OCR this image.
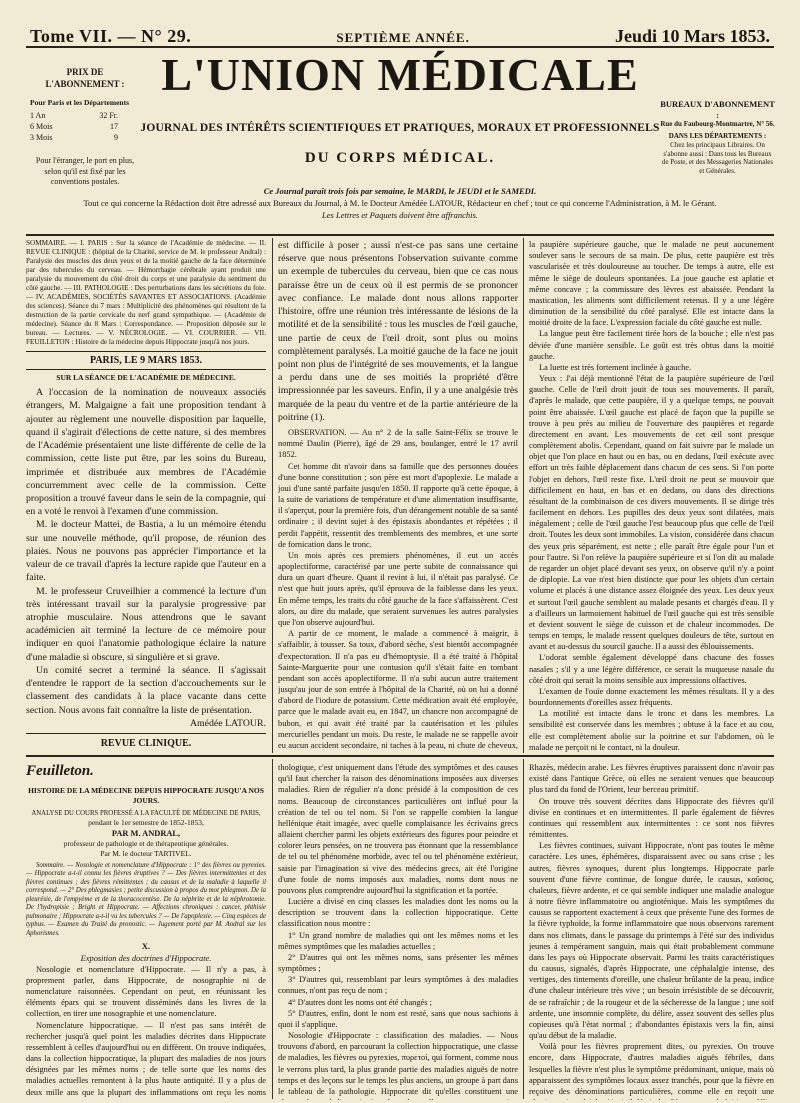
Tome VII. — N° 29.	SEPTIÈME ANNÉE.	Jeudi 10 Mars 1853.
PRIX DE L'ABONNEMENT :
Pour Paris et les Départements
1 An	32 Fr.
6 Mois	17
3 Mois	9
Pour l'étranger, le port en plus, selon qu'il est fixé par les conventions postales.
L'UNION MÉDICALE
JOURNAL DES INTÉRÊTS SCIENTIFIQUES ET PRATIQUES, MORAUX ET PROFESSIONNELS
DU CORPS MÉDICAL.
BUREAUX D'ABONNEMENT :
Rue du Faubourg-Montmartre, N° 56.
DANS LES DÉPARTEMENTS :
Chez les principaux Libraires. On s'abonne aussi : Dans tous les Bureaux de Poste, et des Messageries Nationales et Générales.
Ce Journal paraît trois fois par semaine, le MARDI, le JEUDI et le SAMEDI.
Tout ce qui concerne la Rédaction doit être adressé aux Bureaux du Journal, à M. le Docteur Amédée LATOUR, Rédacteur en chef ; tout ce qui concerne l'Administration, à M. le Gérant.
Les Lettres et Paquets doivent être affranchis.

SOMMAIRE. — I. PARIS : Sur la séance de l'Académie de médecine. — II. REVUE CLINIQUE : (hôpital de la Charité, service de M. le professeur Andral) : Paralysie des muscles des deux yeux et de la moitié gauche de la face déterminée par des tubercules du cerveau. — Hémorrhagie cérébrale ayant produit une paralysie du mouvement du côté droit du corps et une paralysie du sentiment du côté gauche. — III. PATHOLOGIE : Des perturbations dans les sécrétions du foie. — IV. ACADÉMIES, SOCIÉTÉS SAVANTES ET ASSOCIATIONS. (Académie des sciences). Séance du 7 mars : Multiplicité des phénomènes qui résultent de la destruction de la partie cervicale du nerf grand sympathique. — (Académie de médecine). Séance du 8 Mars : Correspondance. — Proposition déposée sur le bureau. — Lectures. — V. NÉCROLOGIE. — VI. COURRIER. — VII. FEUILLETON : Histoire de la médecine depuis Hippocrate jusqu'à nos jours.

PARIS, LE 9 MARS 1853.

SUR LA SÉANCE DE L'ACADÉMIE DE MÉDECINE.

A l'occasion de la nomination de nouveaux associés étrangers, M. Malgaigne a fait une proposition tendant à ajouter au règlement une nouvelle disposition par laquelle, quand il s'agirait d'élections de cette nature, si des membres de l'Académie présentaient une liste différente de celle de la commission, cette liste put être, par les soins du Bureau, imprimée et distribuée aux membres de l'Académie concurremment avec celle de la commission. Cette proposition a trouvé faveur dans le sein de la compagnie, qui en a voté le renvoi à l'examen d'une commission.

M. le docteur Mattei, de Bastia, a lu un mémoire étendu sur une nouvelle méthode, qu'il propose, de réunion des plaies. Nous ne pouvons pas apprécier l'importance et la valeur de ce travail d'après la lecture rapide que l'auteur en a faite.

M. le professeur Cruveilhier a commencé la lecture d'un très intéressant travail sur la paralysie progressive par atrophie musculaire. Nous attendrons que le savant académicien ait terminé la lecture de ce mémoire pour indiquer en quoi l'anatomie pathologique éclaire la nature d'une maladie si obscure, si singulière et si grave.

Un comité secret a terminé la séance. Il s'agissait d'entendre le rapport de la section d'accouchements sur le classement des candidats à la place vacante dans cette section. Nous avons fait connaître la liste de présentation.

Amédée LATOUR.

REVUE CLINIQUE.

est difficile à poser ; aussi n'est-ce pas sans une certaine réserve que nous présentons l'observation suivante comme un exemple de tubercules du cerveau, bien que ce cas nous paraisse être un de ceux où il est permis de se prononcer avec confiance. Le malade dont nous allons rapporter l'histoire, offre une réunion très intéressante de lésions de la motilité et de la sensibilité : tous les muscles de l'œil gauche, une partie de ceux de l'œil droit, sont plus ou moins complètement paralysés. La moitié gauche de la face ne jouit point non plus de l'intégrité de ses mouvements, et la langue a perdu dans une de ses moitiés la propriété d'être impressionnée par les saveurs. Enfin, il y a une analgésie très marquée de la peau du ventre et de la partie antérieure de la poitrine (1).

OBSERVATION. — Au n° 2 de la salle Saint-Félix se trouve le nommé Daulin (Pierre), âgé de 29 ans, boulanger, entré le 17 avril 1852.

Cet homme dit n'avoir dans sa famille que des personnes douées d'une bonne constitution ; son père est mort d'apoplexie. Le malade a joui d'une santé parfaite jusqu'en 1850. Il rapporte qu'à cette époque, à la suite de variations de température et d'une alimentation insuffisante, il s'aperçut, pour la première fois, d'un dérangement notable de sa santé ordinaire ; il devint sujet à des épistaxis abondantes et répétées ; il perdit l'appétit, ressentit des tremblements des membres, et une sorte de fornication dans le tronc.

Un mois après ces premiers phénomènes, il eut un accès apoplectiforme, caractérisé par une perte subite de connaissance qui dura un quart d'heure. Quant il revint à lui, il n'était pas paralysé. Ce n'est que huit jours après, qu'il éprouva de la faiblesse dans les yeux. En même temps, les traits du côté gauche de la face s'affaissèrent. C'est alors, au dire du malade, que seraient survenues les autres paralysies que l'on observe aujourd'hui.

A partir de ce moment, le malade a commencé à maigrir, à s'affaiblir, à tousser. Sa toux, d'abord sèche, s'est bientôt accompagnée d'expectoration. Il n'a pas eu d'hémoptysie. Il a été traité à l'hôpital Sainte-Marguerite pour une contusion qu'il s'était faite en tombant pendant son accès apoplectiforme. Il n'a subi aucun autre traitement jusqu'au jour de son entrée à l'hôpital de la Charité, où on lui a donné d'abord de l'iodure de potassium. Cette médication avait été employée, parce que le malade avait eu, en 1847, un chancre non accompagné de bubon, et qui avait été traité par la cautérisation et les pilules mercurielles pendant un mois. Du reste, le malade ne se rappelle avoir eu aucun accident secondaire, ni taches à la peau, ni chute de cheveux,

la paupière supérieure gauche, que le malade ne peut aucunement soulever sans le secours de sa main. De plus, cette paupière est très vascularisée et très douloureuse au toucher. De temps à autre, elle est même le siège de douleurs spontanées. La joue gauche est aplatie et même concave ; la commissure des lèvres est abaissée. Pendant la mastication, les aliments sont difficilement retenus. Il y a une légère diminution de la sensibilité du côté paralysé. Elle est intacte dans la moitié droite de la face. L'expression faciale du côté gauche est nulle.

La langue peut être facilement tirée hors de la bouche ; elle n'est pas déviée d'une manière sensible. Le goût est très obtus dans la moitié gauche.

La luette est très fortement inclinée à gauche.

Yeux : J'ai déjà mentionné l'état de la paupière supérieure de l'œil gauche. Celle de l'œil droit jouit de tous ses mouvements. Il paraît, d'après le malade, que cette paupière, il y a quelque temps, ne pouvait point être abaissée. L'œil gauche est placé de façon que la pupille se trouve à peu près au milieu de l'ouverture des paupières et regarde directement en avant. Les mouvements de cet œil sont presque complètement abolis. Cependant, quand on fait suivre par le malade un objet que l'on place en haut ou en bas, ou en dedans, l'œil exécute avec effort un très faible déplacement dans chacun de ces sens. Si l'on porte l'objet en dehors, l'œil reste fixe. L'œil droit ne peut se mouvoir que difficilement en haut, en bas et en dedans, ou dans des directions résultant de la combinaison de ces divers mouvements. Il se dirige très facilement en dehors. Les pupilles des deux yeux sont dilatées, mais inégalement ; celle de l'œil gauche l'est beaucoup plus que celle de l'œil droit. Toutes les deux sont immobiles. La vision, considérée dans chacun des yeux pris séparément, est nette ; elle paraît être égale pour l'un et pour l'autre. Si l'on relève la paupière supérieure et si l'on dit au malade de regarder un objet placé devant ses yeux, on observe qu'il n'y a point de diplopie. La vue n'est bien distincte que pour les objets d'un certain volume et placés à une distance assez éloignée des yeux. Les deux yeux et surtout l'œil gauche semblent au malade pesants et chargés d'eau. Il y a d'ailleurs un larmoiement habituel de l'œil gauche qui est très sensible et devient souvent le siège de cuisson et de chaleur incommodes. De temps en temps, le malade ressent quelques douleurs de tête, surtout en avant et au-dessus du sourcil gauche. Il a aussi des éblouissements.

L'odorat semble également développé dans chacune des fosses nasales ; s'il y a une légère différence, ce serait la muqueuse nasale du côté droit qui serait la moins sensible aux impressions olfactives.

L'examen de l'ouïe donne exactement les mêmes résultats. Il y a des bourdonnements d'oreilles assez fréquents.

La motilité est intacte dans le tronc et dans les membres. La sensibilité est conservée dans les membres ; obtuse à la face et au cou, elle est complètement abolie sur la poitrine et sur l'abdomen, où le malade ne perçoit ni le contact, ni la douleur.

Feuilleton.

HISTOIRE DE LA MÉDECINE DEPUIS HIPPOCRATE JUSQU'A NOS JOURS.

ANALYSE DU COURS PROFESSÉ A LA FACULTÉ DE MÉDECINE DE PARIS,

pendant le 1er semestre de 1852-1853,

PAR M. ANDRAL,

professeur de pathologie et de thérapeutique générales.

Par M. le docteur TARTIVEL.

Sommaire. — Nosologie et nomenclature d'Hippocrate : 1° des fièvres ou pyrexies. — Hippocrate a-t-il connu les fièvres éruptives ? — Des fièvres intermittentes et des fièvres continues ; des fièvres rémittentes ; du causus et de la maladie à laquelle il correspond. — 2° Des phlegmasies ; petite discussion à propos du mot phlegmon. De la pleurésie, de l'empyème et de la thoracocentèse. De la néphrite et de la néphrotomie. De l'hydropisie ; Bright et Hippocrate. — Affections chroniques : cancer, phthisie pulmonaire ; Hippocrate a-t-il vu les tubercules ? — De l'apoplexie. — Cinq espèces de typhus. — Examen du Traité du pronostic. — Jugement porté par M. Andral sur les Aphorismes.

X.

Exposition des doctrines d'Hippocrate.

Nosologie et nomenclature d'Hippocrate. — Il n'y a pas, à proprement parler, dans Hippocrate, de nosographie ni de nomenclature raisonnées. Cependant on peut, en réunissant les éléments épars qui se trouvent disséminés dans les livres de la collection, en tirer une nosographie et une nomenclature.

Nomenclature hippocratique. — Il n'est pas sans intérêt de rechercher jusqu'à quel point les maladies décrites dans Hippocrate ressemblent à celles d'aujourd'hui ou en diffèrent. On trouve indiquées, dans la collection hippocratique, la plupart des maladies de nos jours désignées par les mêmes noms ; de telle sorte que les noms des maladies actuelles remontent à la plus haute antiquité. Il y a plus de deux mille ans que la plupart des inflammations ont reçu les noms

thologique, c'est uniquement dans l'étude des symptômes et des causes qu'il faut chercher la raison des dénominations imposées aux diverses maladies. Rien de régulier n'a donc présidé à la composition de ces noms. Beaucoup de circonstances particulières ont influé pour la création de tel ou tel nom. Si l'on se rappelle combien la langue hellénique était imagée, avec quelle complaisance les écrivains grecs allaient chercher parmi les objets extérieurs des figures pour peindre et colorer leurs pensées, on ne trouvera pas étonnant que la ressemblance de tel ou tel phénomène morbide, avec tel ou tel phénomène extérieur, saisie par l'imagination si vive des médecins grecs, ait été l'origine d'une foule de noms imposés aux maladies, noms dont nous ne pouvons plus comprendre aujourd'hui la signification et la portée.

Lucière a divisé en cinq classes les maladies dont les noms ou la description se trouvent dans la collection hippocratique. Cette classification nous montre :

1° Un grand nombre de maladies qui ont les mêmes noms et les mêmes symptômes que les maladies actuelles ;

2° D'autres qui ont les mêmes noms, sans présenter les mêmes symptômes ;

3° D'autres qui, ressemblant par leurs symptômes à des maladies connues, n'ont pas reçu de nom ;

4° D'autres dont les noms ont été changés ;

5° D'autres, enfin, dont le nom est resté, sans que nous sachions à quoi il s'applique.

Nosologie d'Hippocrate : classification des maladies. — Nous trouvons d'abord, en parcourant la collection hippocratique, une classe de maladies, les fièvres ou pyrexies, πυρετοί, qui forment, comme nous le verrons plus tard, la plus grande partie des maladies aiguës de notre temps et des leçons sur le temps les plus anciens, un groupe à part dans le tableau de la pathologie. Hippocrate dit qu'elles constituent une

Rhazès, médecin arabe. Les fièvres éruptives paraissent donc n'avoir pas existé dans l'antique Grèce, où elles ne seraient venues que beaucoup plus tard du fond de l'Orient, leur berceau primitif.

On trouve très souvent décrites dans Hippocrate des fièvres qu'il divise en continues et en intermittentes. Il parle également de fièvres continues qui ressemblent aux intermittentes : ce sont nos fièvres rémittentes.

Les fièvres continues, suivant Hippocrate, n'ont pas toutes le même caractère. Les unes, éphémères, disparaissent avec ou sans crise ; les autres, fièvres synoques, durent plus longtemps. Hippocrate parle souvent d'une fièvre continue, de longue durée, le causus, καῦσος, chaleurs, fièvre ardente, et ce qui semble indiquer une maladie analogue à notre fièvre inflammatoire ou angioténique. Mais les symptômes du causus se rapportent exactement à ceux que présente l'une des formes de la fièvre typhoïde, la forme inflammatoire que nous observons rarement dans nos climats, dans le passage du printemps à l'été sur des individus jeunes à tempérament sanguin, mais qui était probablement commune dans les pays où Hippocrate observait. Parmi les traits caractéristiques du causus, signalés, d'après Hippocrate, une céphalalgie intense, des vertiges, des tintements d'oreille, une chaleur brûlante de la peau, indice d'une chaleur intérieure très vive ; un besoin irrésistible de se découvrir, de se rafraîchir ; de la rougeur et de la sécheresse de la langue ; une soif ardente, une insomnie complète, du délire, assez souvent des selles plus copieuses qu'à l'état normal ; d'abondantes épistaxis vers la fin, ainsi qu'au début de la maladie.

Voilà pour les fièvres proprement dites, ou pyrexies. On trouve encore, dans Hippocrate, d'autres maladies aiguës fébriles, dans lesquelles la fièvre n'est plus le symptôme prédominant, unique, mais où apparaissent des symptômes locaux assez tranchés, pour que la fièvre en reçoive des dénominations particulières, comme elle en reçoit une
